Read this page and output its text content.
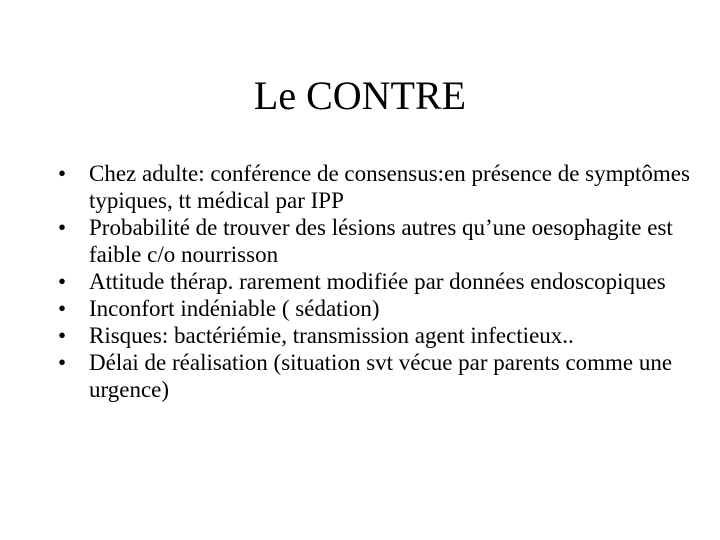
Le CONTRE
• Chez adulte: conférence de consensus:en présence de symptômes typiques, tt médical par IPP
• Probabilité de trouver des lésions autres qu’une oesophagite est faible c/o nourrisson
• Attitude thérap. rarement modifiée par données endoscopiques
• Inconfort indéniable ( sédation)
• Risques: bactériémie, transmission agent infectieux..
• Délai de réalisation (situation svt vécue par parents comme une urgence)
